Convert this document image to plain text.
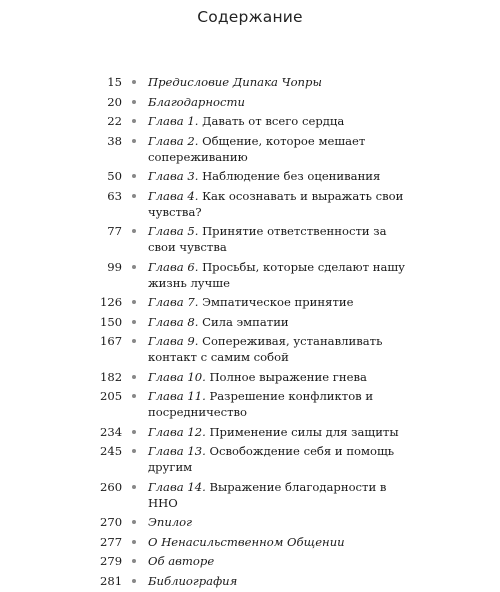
Содержание
15 Предисловие Дипака Чопры
20 Благодарности
22 Глава 1. Давать от всего сердца
38 Глава 2. Общение, которое мешает сопереживанию
50 Глава 3. Наблюдение без оценивания
63 Глава 4. Как осознавать и выражать свои чувства?
77 Глава 5. Принятие ответственности за свои чувства
99 Глава 6. Просьбы, которые сделают нашу жизнь лучше
126 Глава 7. Эмпатическое принятие
150 Глава 8. Сила эмпатии
167 Глава 9. Сопереживая, устанавливать контакт с самим собой
182 Глава 10. Полное выражение гнева
205 Глава 11. Разрешение конфликтов и посредничество
234 Глава 12. Применение силы для защиты
245 Глава 13. Освобождение себя и помощь другим
260 Глава 14. Выражение благодарности в ННО
270 Эпилог
277 О Ненасильственном Общении
279 Об авторе
281 Библиография
